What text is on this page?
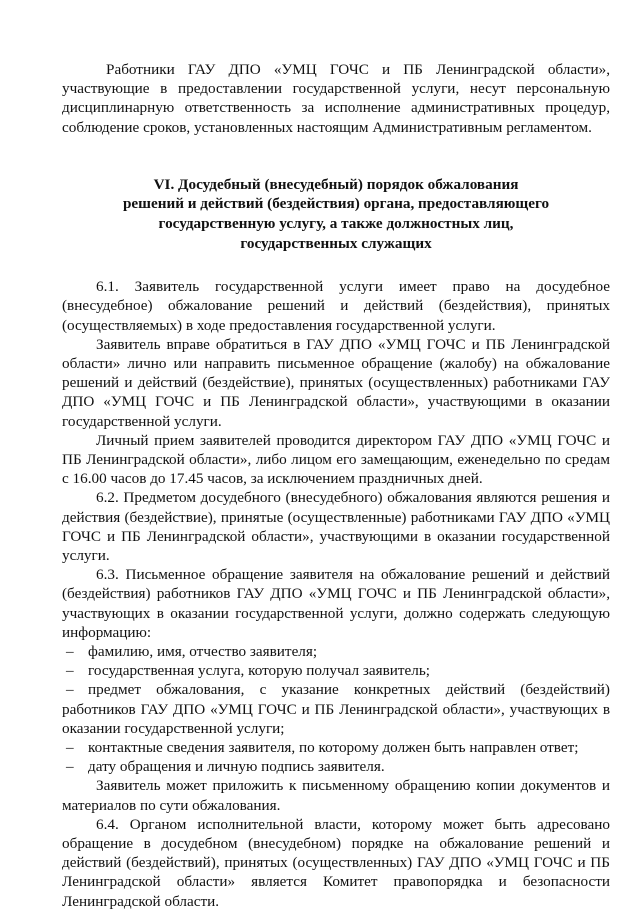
Работники ГАУ ДПО «УМЦ ГОЧС и ПБ Ленинградской области», участвующие в предоставлении государственной услуги, несут персональную дисциплинарную ответственность за исполнение административных процедур, соблюдение сроков, установленных настоящим Административным регламентом.

VI. Досудебный (внесудебный) порядок обжалования
решений и действий (бездействия) органа, предоставляющего
государственную услугу, а также должностных лиц,
государственных служащих

6.1. Заявитель государственной услуги имеет право на досудебное (внесудебное) обжалование решений и действий (бездействия), принятых (осуществляемых) в ходе предоставления государственной услуги.

Заявитель вправе обратиться в ГАУ ДПО «УМЦ ГОЧС и ПБ Ленинградской области» лично или направить письменное обращение (жалобу) на обжалование решений и действий (бездействие), принятых (осуществленных) работниками ГАУ ДПО «УМЦ ГОЧС и ПБ Ленинградской области», участвующими в оказании государственной услуги.

Личный прием заявителей проводится директором ГАУ ДПО «УМЦ ГОЧС и ПБ Ленинградской области», либо лицом его замещающим, еженедельно по средам с 16.00 часов до 17.45 часов, за исключением праздничных дней.

6.2. Предметом досудебного (внесудебного) обжалования являются решения и действия (бездействие), принятые (осуществленные) работниками ГАУ ДПО «УМЦ ГОЧС и ПБ Ленинградской области», участвующими в оказании государственной услуги.

6.3. Письменное обращение заявителя на обжалование решений и действий (бездействия) работников ГАУ ДПО «УМЦ ГОЧС и ПБ Ленинградской области», участвующих в оказании государственной услуги, должно содержать следующую информацию:

– фамилию, имя, отчество заявителя;
– государственная услуга, которую получал заявитель;
– предмет обжалования, с указание конкретных действий (бездействий) работников ГАУ ДПО «УМЦ ГОЧС и ПБ Ленинградской области», участвующих в оказании государственной услуги;
– контактные сведения заявителя, по которому должен быть направлен ответ;
– дату обращения и личную подпись заявителя.

Заявитель может приложить к письменному обращению копии документов и материалов по сути обжалования.

6.4. Органом исполнительной власти, которому может быть адресовано обращение в досудебном (внесудебном) порядке на обжалование решений и действий (бездействий), принятых (осуществленных) ГАУ ДПО «УМЦ ГОЧС и ПБ Ленинградской области» является Комитет правопорядка и безопасности Ленинградской области.
